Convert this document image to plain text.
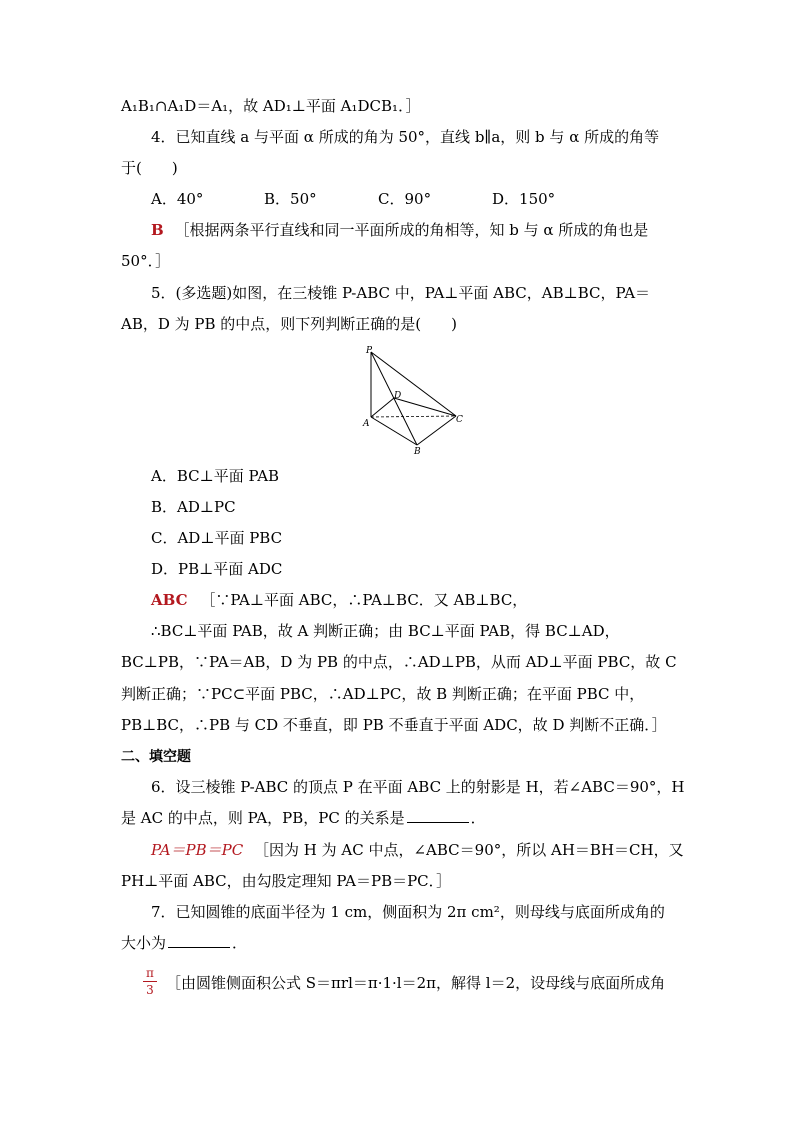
A₁B₁∩A₁D＝A₁，故 AD₁⊥平面 A₁DCB₁．］
4．已知直线 a 与平面 α 所成的角为 50°，直线 b∥a，则 b 与 α 所成的角等
于(　　)
A．40°	B．50°	C．90°	D．150°
B ［根据两条平行直线和同一平面所成的角相等，知 b 与 α 所成的角也是
50°．］
5．(多选题)如图，在三棱锥 P-ABC 中，PA⊥平面 ABC，AB⊥BC，PA＝
AB，D 为 PB 的中点，则下列判断正确的是(　　)
P
D
A
B
C
A．BC⊥平面 PAB
B．AD⊥PC
C．AD⊥平面 PBC
D．PB⊥平面 ADC
ABC ［∵PA⊥平面 ABC，∴PA⊥BC．又 AB⊥BC，
∴BC⊥平面 PAB，故 A 判断正确；由 BC⊥平面 PAB，得 BC⊥AD，
BC⊥PB，∵PA＝AB，D 为 PB 的中点，∴AD⊥PB，从而 AD⊥平面 PBC，故 C
判断正确；∵PC⊂平面 PBC，∴AD⊥PC，故 B 判断正确；在平面 PBC 中，
PB⊥BC，∴PB 与 CD 不垂直，即 PB 不垂直于平面 ADC，故 D 判断不正确．］
二、填空题
6．设三棱锥 P-ABC 的顶点 P 在平面 ABC 上的射影是 H，若∠ABC＝90°，H
是 AC 的中点，则 PA，PB，PC 的关系是	．
PA＝PB＝PC ［因为 H 为 AC 中点，∠ABC＝90°，所以 AH＝BH＝CH，又
PH⊥平面 ABC，由勾股定理知 PA＝PB＝PC．］
7．已知圆锥的底面半径为 1 cm，侧面积为 2π cm²，则母线与底面所成角的
大小为	．
π
3 ［由圆锥侧面积公式 S＝πrl＝π·1·l＝2π，解得 l＝2，设母线与底面所成角
